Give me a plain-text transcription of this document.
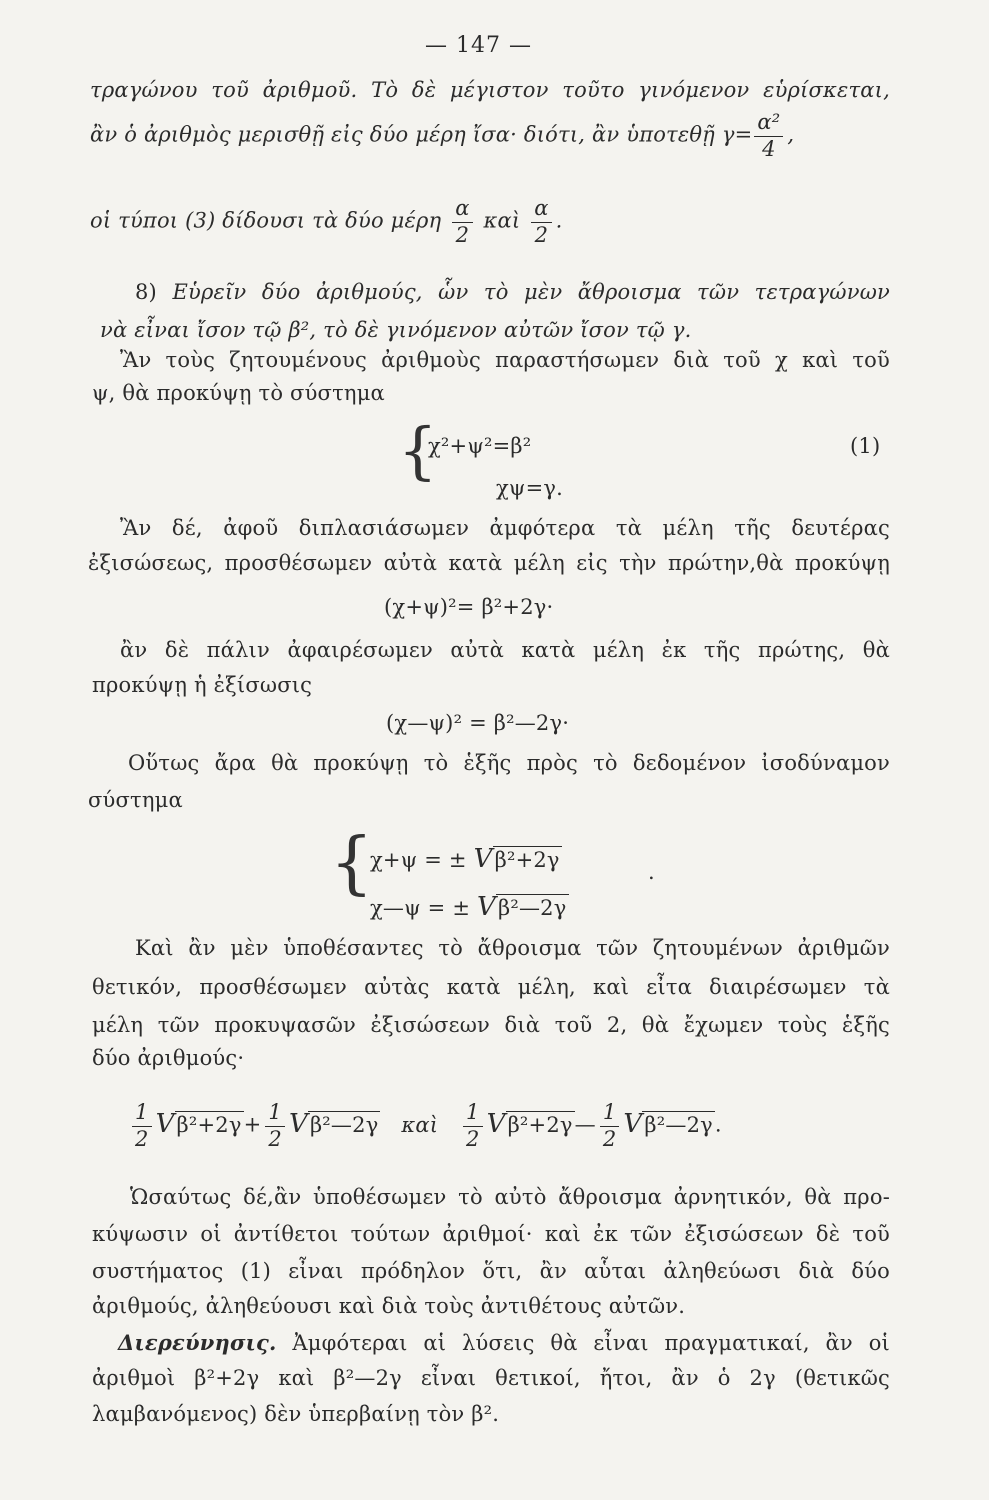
— 147 —
τραγώνου τοῦ ἀριθμοῦ. Τὸ δὲ μέγιστον τοῦτο γινόμενον εὑρίσκεται,
ἂν ὁ ἀριθμὸς μερισθῇ εἰς δύο μέρη ἴσα· διότι, ἂν ὑποτεθῇ $\gamma= \frac{\text{α²}}{4}$ ,
οἱ τύποι (3) δίδουσι τὰ δύο μέρη $\frac{\alpha}{2}$ καὶ $\frac{\alpha}{2}$ .
8) Εὑρεῖν δύο ἀριθμούς, ὧν τὸ μὲν ἄθροισμα τῶν τετραγώνων
νὰ εἶναι ἴσον τῷ β², τὸ δὲ γινόμενον αὐτῶν ἴσον τῷ γ.
Ἂν τοὺς ζητουμένους ἀριθμοὺς παραστήσωμεν διὰ τοῦ χ καὶ τοῦ
ψ, θὰ προκύψῃ τὸ σύστημα
{
χ²+ψ²=β²
χψ=γ.
(1)
Ἂν δέ, ἀφοῦ διπλασιάσωμεν ἀμφότερα τὰ μέλη τῆς δευτέρας
ἐξισώσεως, προσθέσωμεν αὐτὰ κατὰ μέλη εἰς τὴν πρώτην,θὰ προκύψῃ
(χ+ψ)²= β²+2γ·
ἂν δὲ πάλιν ἀφαιρέσωμεν αὐτὰ κατὰ μέλη ἐκ τῆς πρώτης, θὰ
προκύψῃ ἡ ἐξίσωσις
(χ—ψ)² = β²—2γ·
Οὕτως ἄρα θὰ προκύψῃ τὸ ἑξῆς πρὸς τὸ δεδομένον ἰσοδύναμον
σύστημα
{
χ+ψ = ± Vβ²+2γ
χ—ψ = ± Vβ²—2γ
.
Καὶ ἂν μὲν ὑποθέσαντες τὸ ἄθροισμα τῶν ζητουμένων ἀριθμῶν
θετικόν, προσθέσωμεν αὐτὰς κατὰ μέλη, καὶ εἶτα διαιρέσωμεν τὰ
μέλη τῶν προκυψασῶν ἐξισώσεων διὰ τοῦ 2, θὰ ἔχωμεν τοὺς ἑξῆς
δύο ἀριθμούς·
$\frac{1}{2} V\beta^2+2\gamma+ \frac{1}{2}$ Vβ²—2γ καὶ $\frac{1}{2}$ Vβ²+2γ— $\frac{1}{2}$ Vβ²—2γ.
Ὡσαύτως δέ,ἂν ὑποθέσωμεν τὸ αὐτὸ ἄθροισμα ἀρνητικόν, θὰ προ-
κύψωσιν οἱ ἀντίθετοι τούτων ἀριθμοί· καὶ ἐκ τῶν ἐξισώσεων δὲ τοῦ
συστήματος (1) εἶναι πρόδηλον ὅτι, ἂν αὗται ἀληθεύωσι διὰ δύο
ἀριθμούς, ἀληθεύουσι καὶ διὰ τοὺς ἀντιθέτους αὐτῶν.
Διερεύνησις. Ἀμφότεραι αἱ λύσεις θὰ εἶναι πραγματικαί, ἂν οἱ
ἀριθμοὶ β²+2γ καὶ β²—2γ εἶναι θετικοί, ἤτοι, ἂν ὁ 2γ (θετικῶς
λαμβανόμενος) δὲν ὑπερβαίνῃ τὸν β².
